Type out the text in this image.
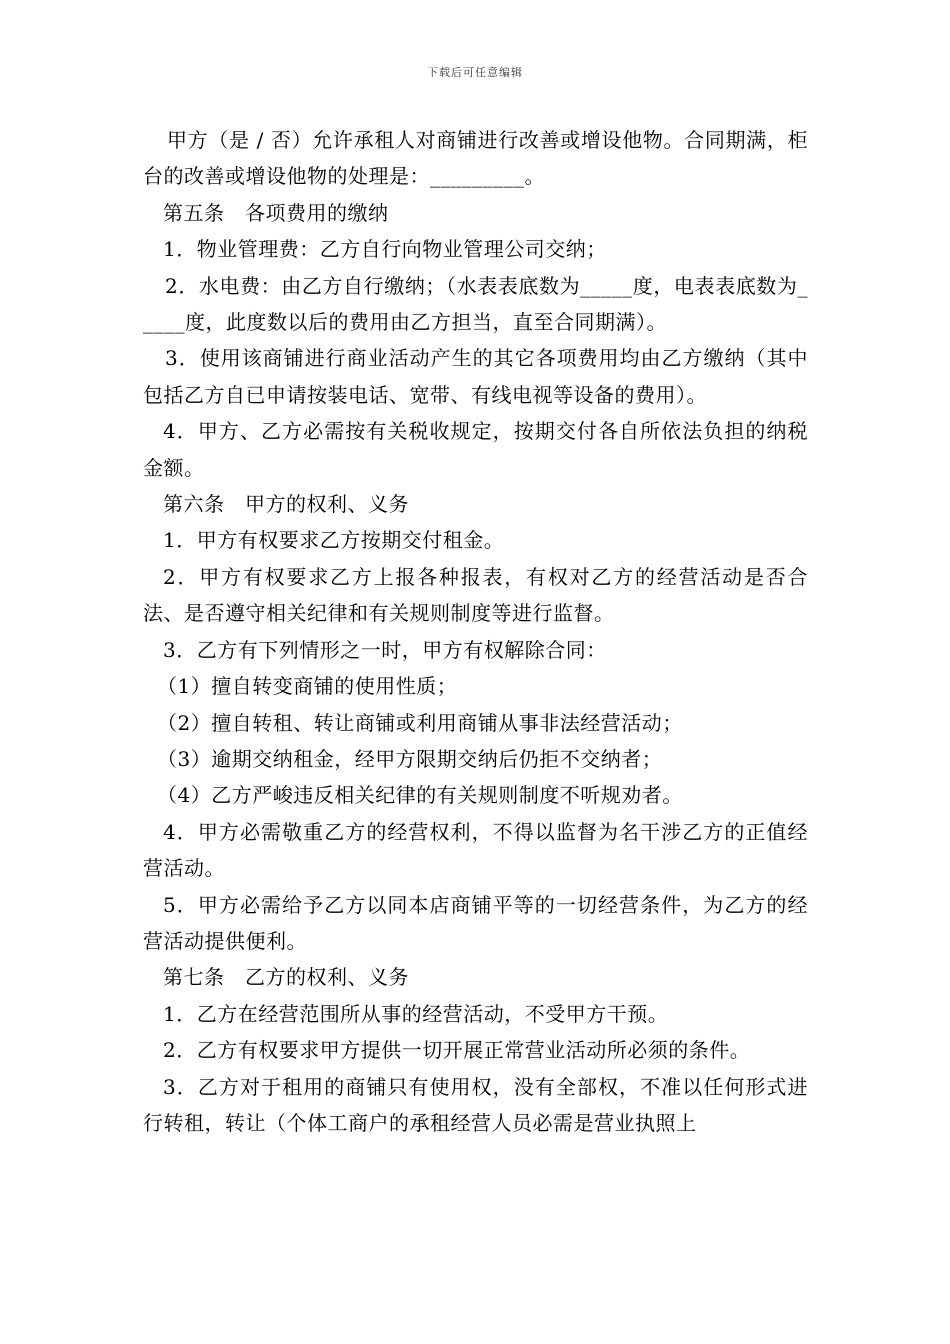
下载后可任意编辑

甲方（是 / 否）允许承租人对商铺进行改善或增设他物。合同期满，柜台的改善或增设他物的处理是：_________。

第五条　各项费用的缴纳

1．物业管理费：乙方自行向物业管理公司交纳；

2．水电费：由乙方自行缴纳；（水表表底数为_____度，电表表底数为_____度，此度数以后的费用由乙方担当，直至合同期满）。

3．使用该商铺进行商业活动产生的其它各项费用均由乙方缴纳（其中包括乙方自已申请按装电话、宽带、有线电视等设备的费用）。

4．甲方、乙方必需按有关税收规定，按期交付各自所依法负担的纳税金额。

第六条　甲方的权利、义务

1．甲方有权要求乙方按期交付租金。

2．甲方有权要求乙方上报各种报表，有权对乙方的经营活动是否合法、是否遵守相关纪律和有关规则制度等进行监督。

3．乙方有下列情形之一时，甲方有权解除合同：

（1）擅自转变商铺的使用性质；

（2）擅自转租、转让商铺或利用商铺从事非法经营活动；

（3）逾期交纳租金，经甲方限期交纳后仍拒不交纳者；

（4）乙方严峻违反相关纪律的有关规则制度不听规劝者。

4．甲方必需敬重乙方的经营权利，不得以监督为名干涉乙方的正值经营活动。

5．甲方必需给予乙方以同本店商铺平等的一切经营条件，为乙方的经营活动提供便利。

第七条　乙方的权利、义务

1．乙方在经营范围所从事的经营活动，不受甲方干预。

2．乙方有权要求甲方提供一切开展正常营业活动所必须的条件。

3．乙方对于租用的商铺只有使用权，没有全部权，不准以任何形式进行转租，转让（个体工商户的承租经营人员必需是营业执照上
